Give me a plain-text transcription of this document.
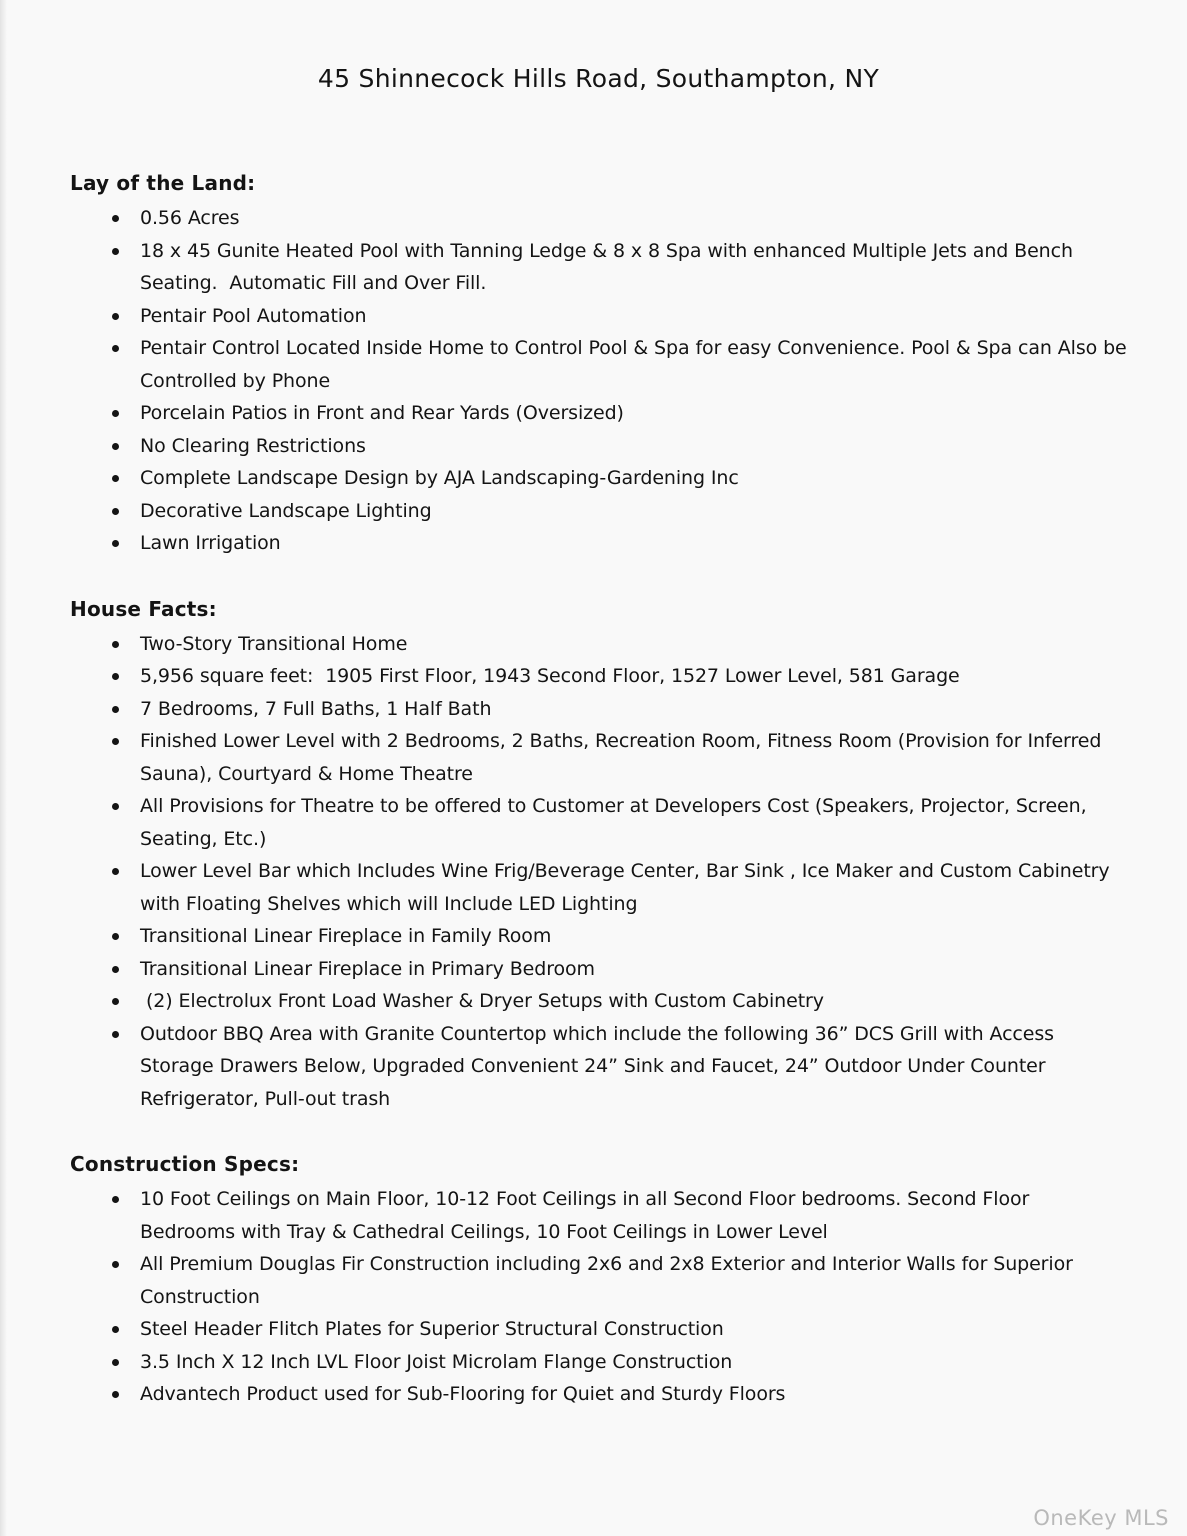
45 Shinnecock Hills Road, Southampton, NY
Lay of the Land:
0.56 Acres
18 x 45 Gunite Heated Pool with Tanning Ledge & 8 x 8 Spa with enhanced Multiple Jets and Bench Seating.  Automatic Fill and Over Fill.
Pentair Pool Automation
Pentair Control Located Inside Home to Control Pool & Spa for easy Convenience. Pool & Spa can Also be Controlled by Phone
Porcelain Patios in Front and Rear Yards (Oversized)
No Clearing Restrictions
Complete Landscape Design by AJA Landscaping-Gardening Inc
Decorative Landscape Lighting
Lawn Irrigation
House Facts:
Two-Story Transitional Home
5,956 square feet:  1905 First Floor, 1943 Second Floor, 1527 Lower Level, 581 Garage
7 Bedrooms, 7 Full Baths, 1 Half Bath
Finished Lower Level with 2 Bedrooms, 2 Baths, Recreation Room, Fitness Room (Provision for Inferred Sauna), Courtyard & Home Theatre
All Provisions for Theatre to be offered to Customer at Developers Cost (Speakers, Projector, Screen, Seating, Etc.)
Lower Level Bar which Includes Wine Frig/Beverage Center, Bar Sink , Ice Maker and Custom Cabinetry with Floating Shelves which will Include LED Lighting
Transitional Linear Fireplace in Family Room
Transitional Linear Fireplace in Primary Bedroom
(2) Electrolux Front Load Washer & Dryer Setups with Custom Cabinetry
Outdoor BBQ Area with Granite Countertop which include the following 36” DCS Grill with Access Storage Drawers Below, Upgraded Convenient 24” Sink and Faucet, 24” Outdoor Under Counter Refrigerator, Pull-out trash
Construction Specs:
10 Foot Ceilings on Main Floor, 10-12 Foot Ceilings in all Second Floor bedrooms. Second Floor Bedrooms with Tray & Cathedral Ceilings, 10 Foot Ceilings in Lower Level
All Premium Douglas Fir Construction including 2x6 and 2x8 Exterior and Interior Walls for Superior Construction
Steel Header Flitch Plates for Superior Structural Construction
3.5 Inch X 12 Inch LVL Floor Joist Microlam Flange Construction
Advantech Product used for Sub-Flooring for Quiet and Sturdy Floors
OneKey MLS
